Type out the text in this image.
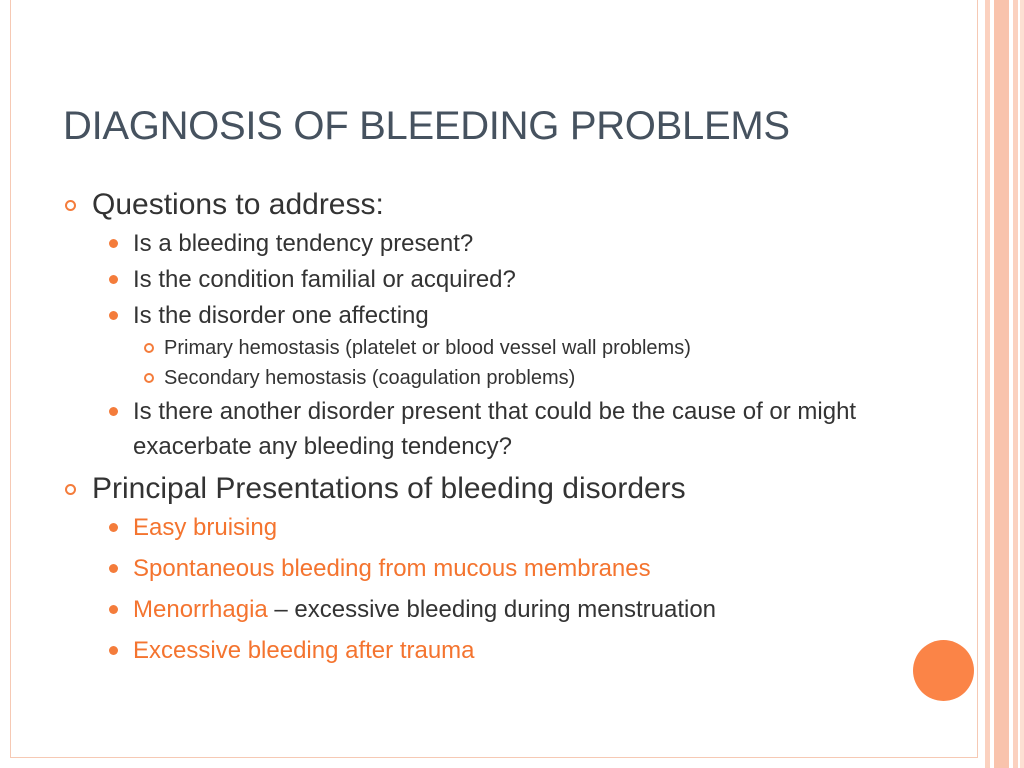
DIAGNOSIS OF BLEEDING PROBLEMS

Questions to address:

Is a bleeding tendency present?

Is the condition familial or acquired?

Is the disorder one affecting

Primary hemostasis (platelet or blood vessel wall problems)

Secondary hemostasis (coagulation problems)

Is there another disorder present that could be the cause of or might exacerbate any bleeding tendency?

Principal Presentations of bleeding disorders

Easy bruising

Spontaneous bleeding from mucous membranes

Menorrhagia – excessive bleeding during menstruation

Excessive bleeding after trauma
